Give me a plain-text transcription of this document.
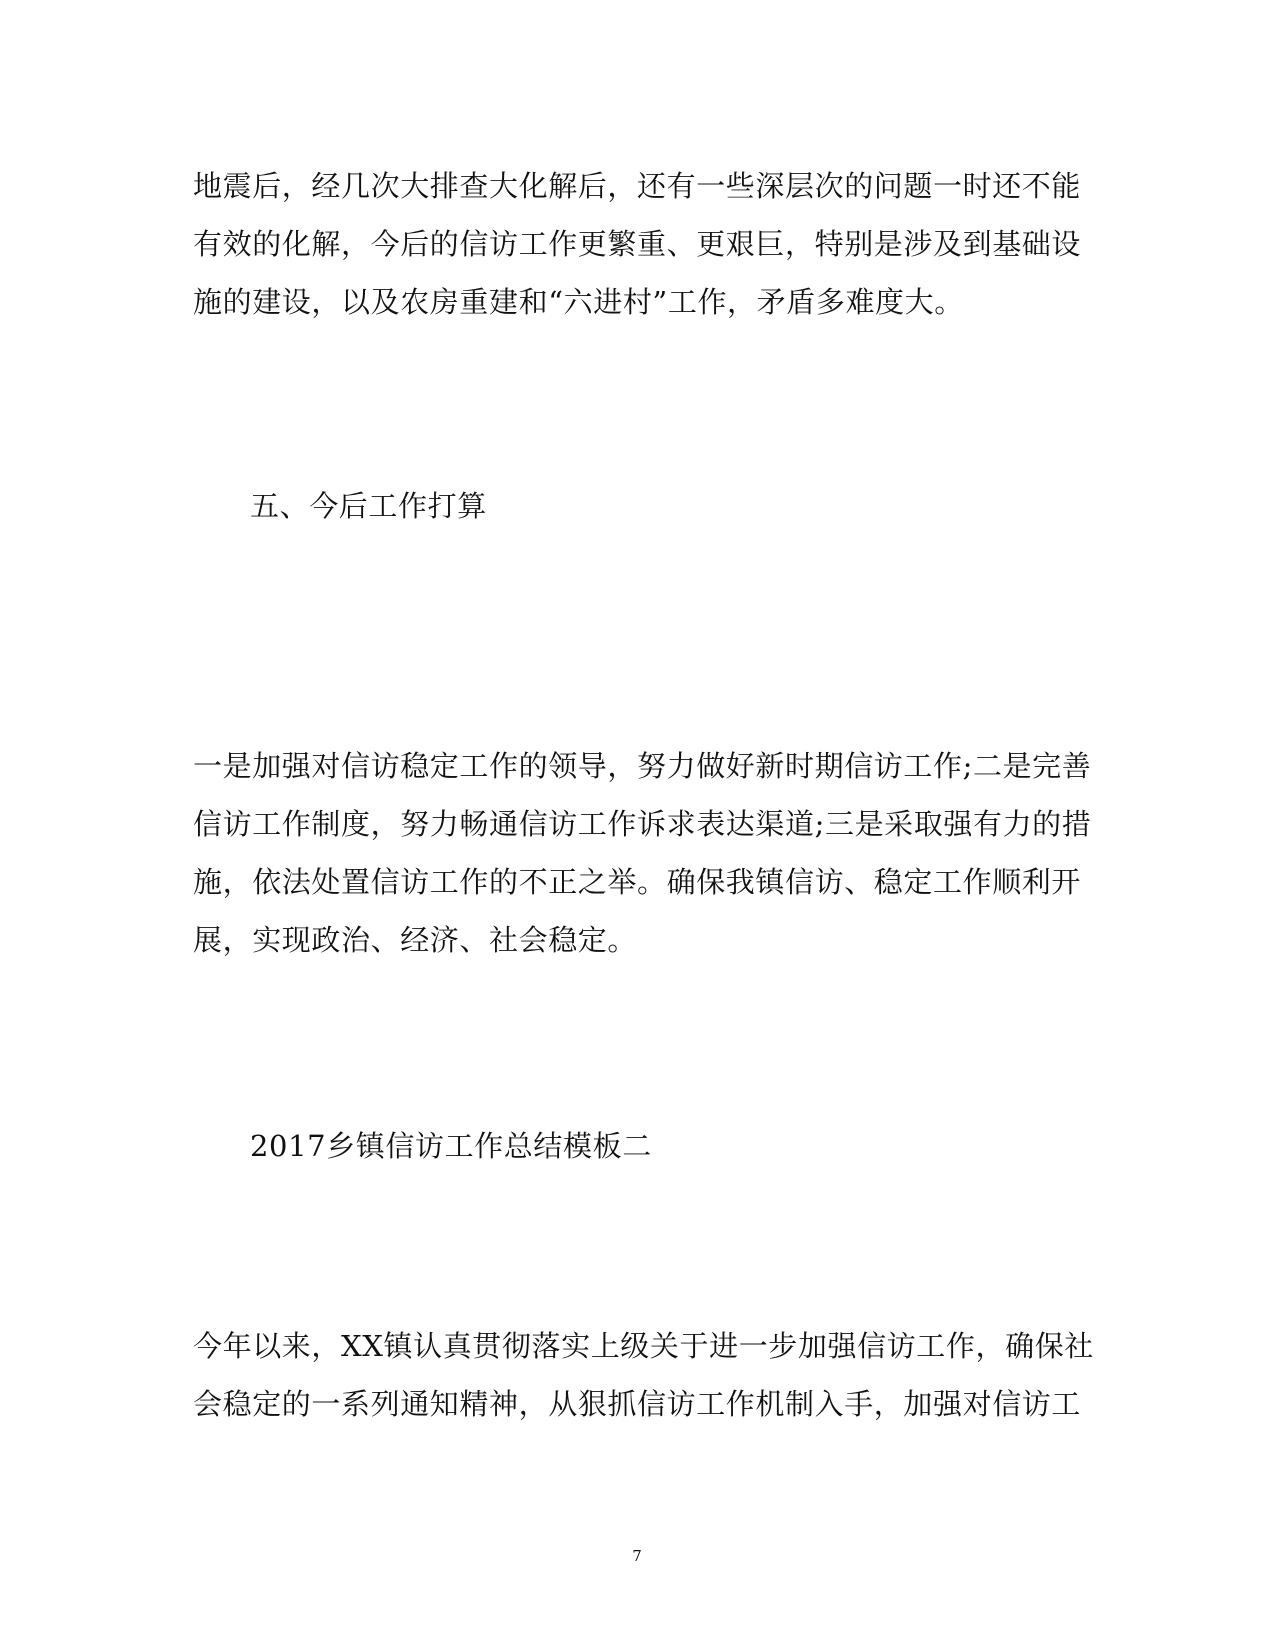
地震后，经几次大排查大化解后，还有一些深层次的问题一时还不能
有效的化解，今后的信访工作更繁重、更艰巨，特别是涉及到基础设
施的建设，以及农房重建和“六进村”工作，矛盾多难度大。
五、今后工作打算
一是加强对信访稳定工作的领导，努力做好新时期信访工作;二是完善
信访工作制度，努力畅通信访工作诉求表达渠道;三是采取强有力的措
施，依法处置信访工作的不正之举。确保我镇信访、稳定工作顺利开
展，实现政治、经济、社会稳定。
2017乡镇信访工作总结模板二
今年以来，XX镇认真贯彻落实上级关于进一步加强信访工作，确保社
会稳定的一系列通知精神，从狠抓信访工作机制入手，加强对信访工
7
